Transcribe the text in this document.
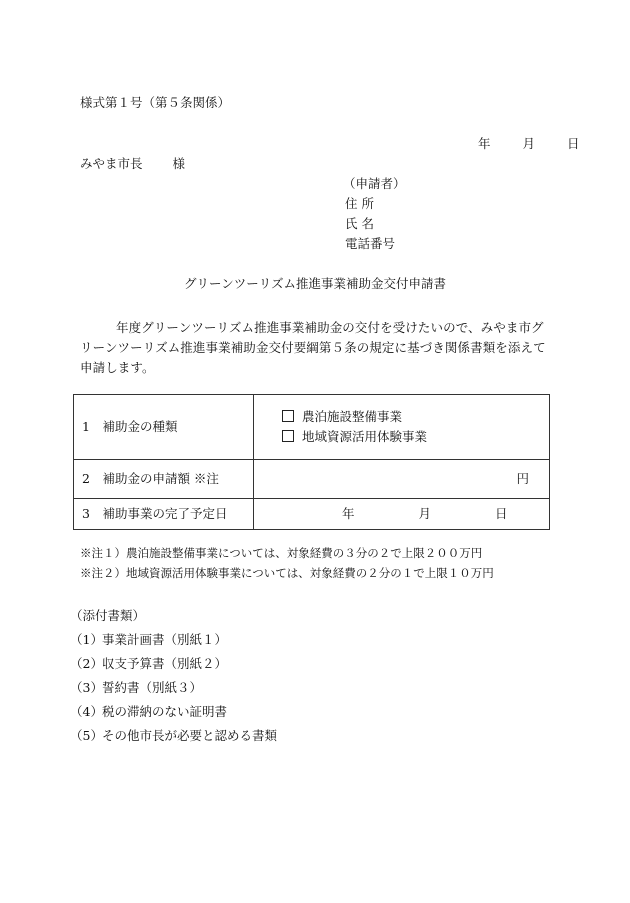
様式第１号（第５条関係）
年	月	日
みやま市長 様
（申請者）
住 所
氏 名
電話番号
グリーンツーリズム推進事業補助金交付申請書
年度グリーンツーリズム推進事業補助金の交付を受けたいので、みやま市グリーンツーリズム推進事業補助金交付要綱第５条の規定に基づき関係書類を添えて申請します。
1　補助金の種類	農泊施設整備事業
地域資源活用体験事業

2　補助金の申請額 ※注	円
3　補助事業の完了予定日	年 月 日
※注１）農泊施設整備事業については、対象経費の３分の２で上限２００万円
※注２）地域資源活用体験事業については、対象経費の２分の１で上限１０万円
（添付書類）
（1）事業計画書（別紙１）
（2）収支予算書（別紙２）
（3）誓約書（別紙３）
（4）税の滞納のない証明書
（5）その他市長が必要と認める書類
